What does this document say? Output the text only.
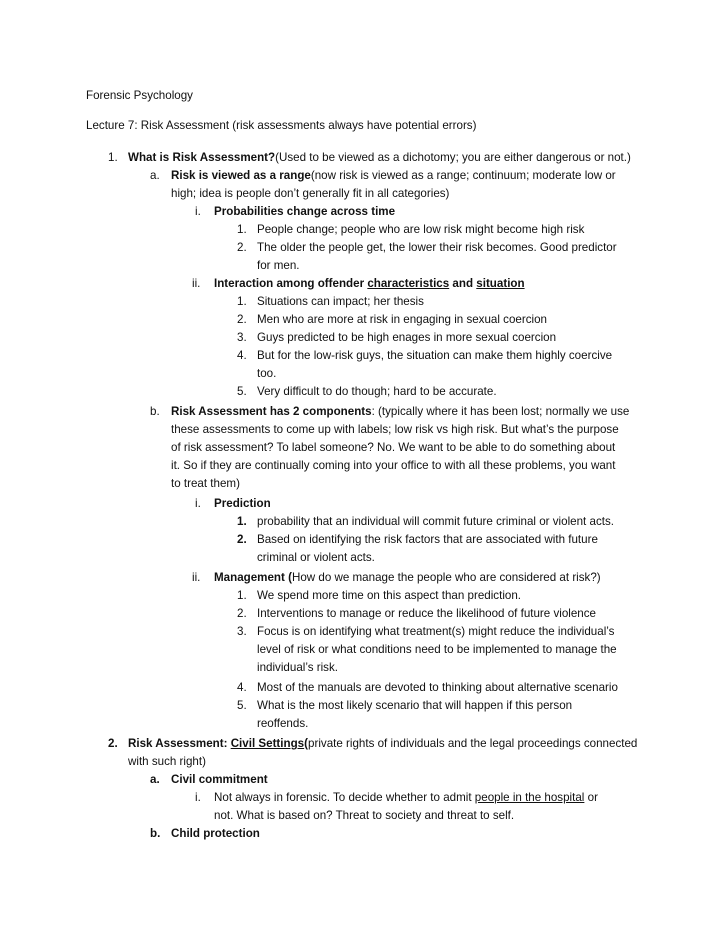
Forensic Psychology
Lecture 7: Risk Assessment (risk assessments always have potential errors)
1. What is Risk Assessment?(Used to be viewed as a dichotomy; you are either dangerous or not.)
a. Risk is viewed as a range(now risk is viewed as a range; continuum; moderate low or
high; idea is people don’t generally fit in all categories)
i. Probabilities change across time
1. People change; people who are low risk might become high risk
2. The older the people get, the lower their risk becomes. Good predictor
for men.
ii. Interaction among offender characteristics and situation
1. Situations can impact; her thesis
2. Men who are more at risk in engaging in sexual coercion
3. Guys predicted to be high enages in more sexual coercion
4. But for the low-risk guys, the situation can make them highly coercive
too.
5. Very difficult to do though; hard to be accurate.
b. Risk Assessment has 2 components: (typically where it has been lost; normally we use
these assessments to come up with labels; low risk vs high risk. But what’s the purpose
of risk assessment? To label someone? No. We want to be able to do something about
it. So if they are continually coming into your office to with all these problems, you want
to treat them)
i. Prediction
1. probability that an individual will commit future criminal or violent acts.
2. Based on identifying the risk factors that are associated with future
criminal or violent acts.
ii. Management (How do we manage the people who are considered at risk?)
1. We spend more time on this aspect than prediction.
2. Interventions to manage or reduce the likelihood of future violence
3. Focus is on identifying what treatment(s) might reduce the individual’s
level of risk or what conditions need to be implemented to manage the
individual’s risk.
4. Most of the manuals are devoted to thinking about alternative scenario
5. What is the most likely scenario that will happen if this person
reoffends.
2. Risk Assessment: Civil Settings(private rights of individuals and the legal proceedings connected
with such right)
a. Civil commitment
i. Not always in forensic. To decide whether to admit people in the hospital or
not. What is based on? Threat to society and threat to self.
b. Child protection
